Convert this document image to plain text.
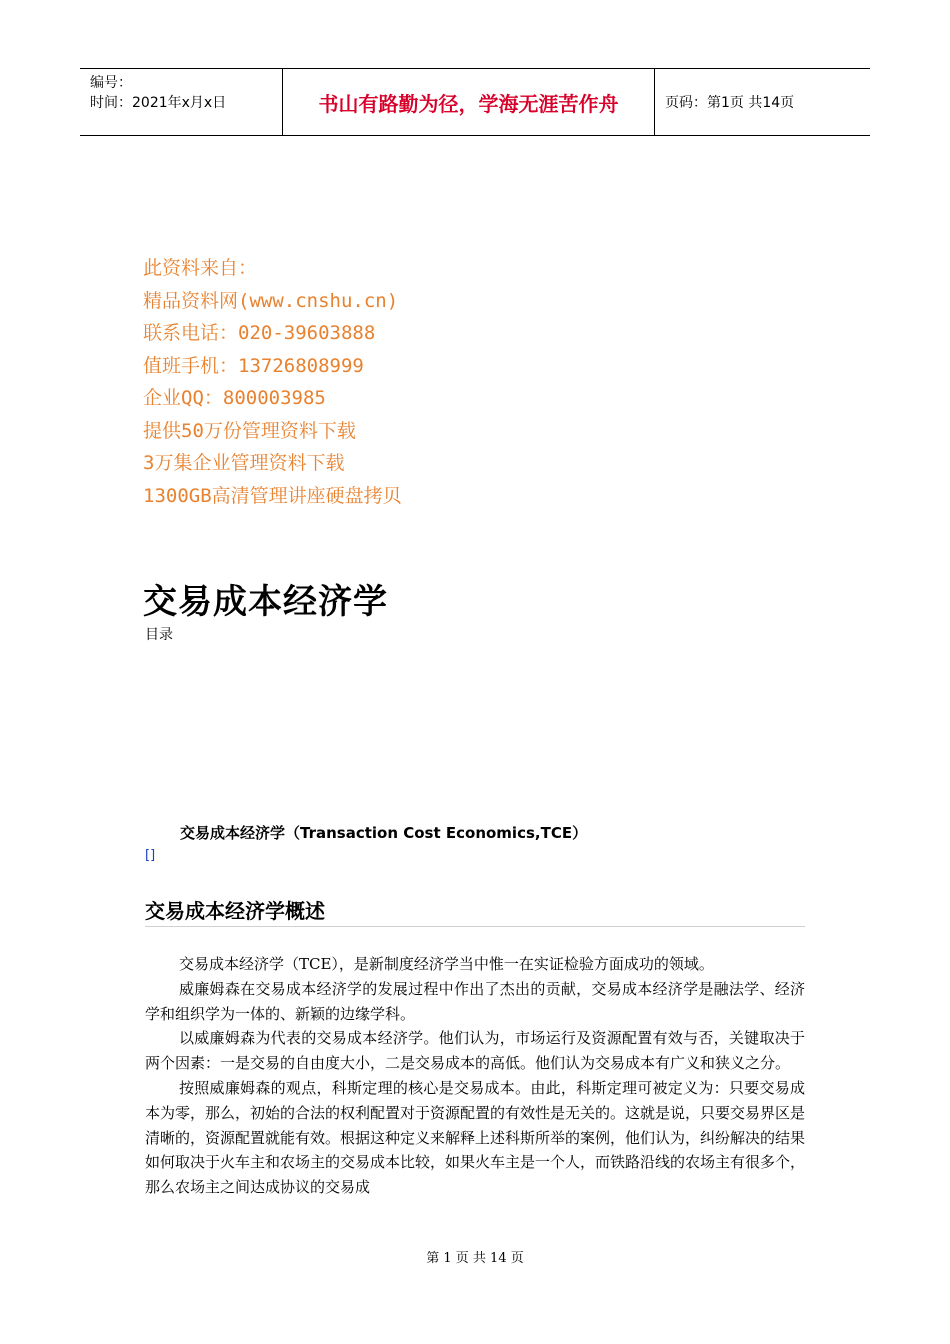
编号：
时间：2021年x月x日	书山有路勤为径，学海无涯苦作舟	页码：第1页 共14页
此资料来自：
精品资料网(www.cnshu.cn)
联系电话：020-39603888
值班手机：13726808999
企业QQ：800003985
提供50万份管理资料下载
3万集企业管理资料下载
1300GB高清管理讲座硬盘拷贝
交易成本经济学
目录
交易成本经济学（Transaction Cost Economics,TCE）
[]
交易成本经济学概述

交易成本经济学（TCE），是新制度经济学当中惟一在实证检验方面成功的领域。

威廉姆森在交易成本经济学的发展过程中作出了杰出的贡献，交易成本经济学是融法学、经济学和组织学为一体的、新颖的边缘学科。

以威廉姆森为代表的交易成本经济学。他们认为，市场运行及资源配置有效与否，关键取决于两个因素：一是交易的自由度大小，二是交易成本的高低。他们认为交易成本有广义和狭义之分。

按照威廉姆森的观点，科斯定理的核心是交易成本。由此，科斯定理可被定义为：只要交易成本为零，那么，初始的合法的权利配置对于资源配置的有效性是无关的。这就是说，只要交易界区是清晰的，资源配置就能有效。根据这种定义来解释上述科斯所举的案例，他们认为，纠纷解决的结果如何取决于火车主和农场主的交易成本比较，如果火车主是一个人，而铁路沿线的农场主有很多个，那么农场主之间达成协议的交易成

第 1 页 共 14 页
